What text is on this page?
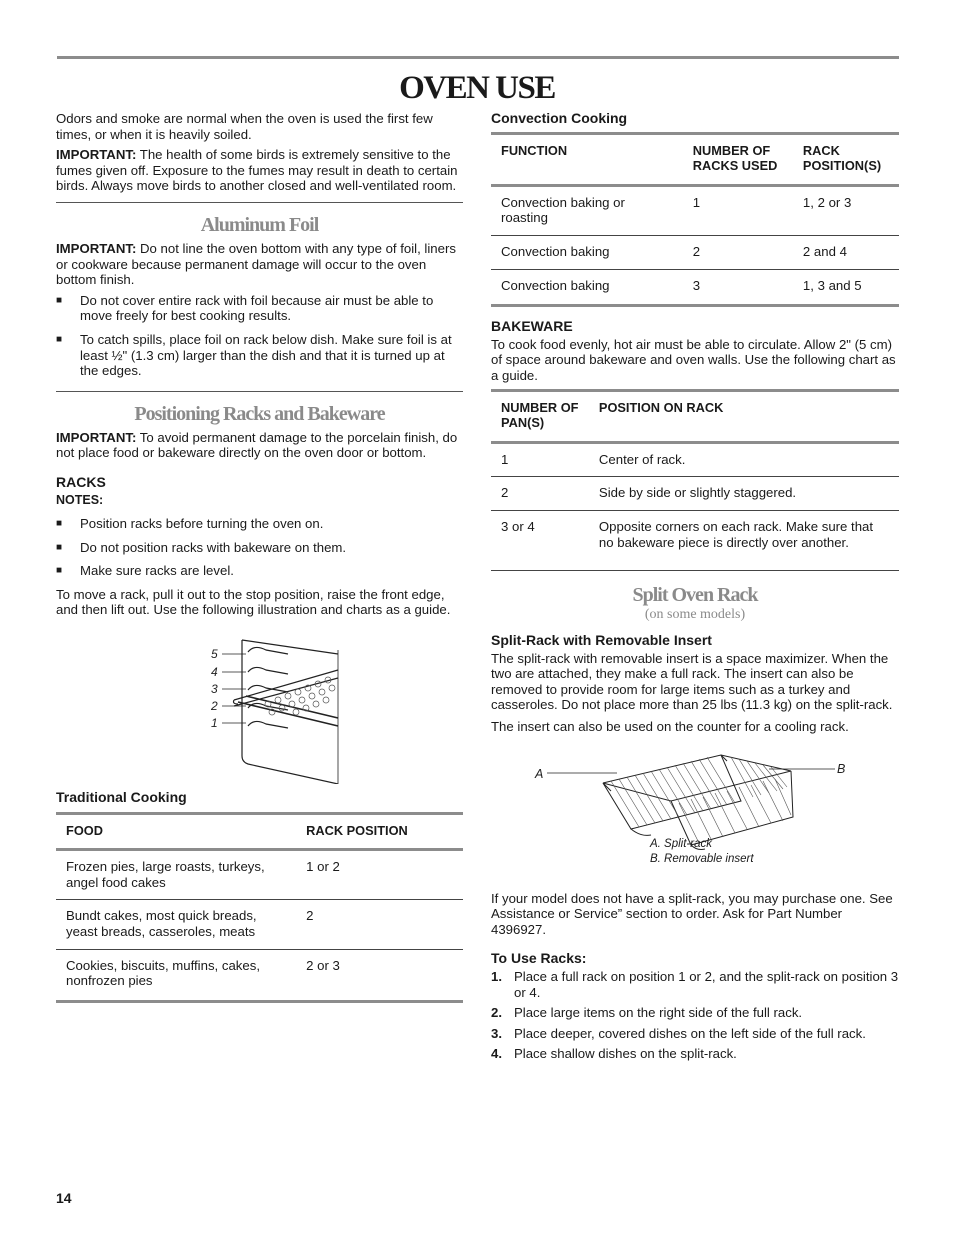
OVEN USE

Odors and smoke are normal when the oven is used the first few times, or when it is heavily soiled.

IMPORTANT: The health of some birds is extremely sensitive to the fumes given off. Exposure to the fumes may result in death to certain birds. Always move birds to another closed and well-ventilated room.

Aluminum Foil

IMPORTANT: Do not line the oven bottom with any type of foil, liners or cookware because permanent damage will occur to the oven bottom finish.

■ Do not cover entire rack with foil because air must be able to move freely for best cooking results.
■ To catch spills, place foil on rack below dish. Make sure foil is at least ½" (1.3 cm) larger than the dish and that it is turned up at the edges.
Positioning Racks and Bakeware

IMPORTANT: To avoid permanent damage to the porcelain finish, do not place food or bakeware directly on the oven door or bottom.

RACKS
NOTES:
■ Position racks before turning the oven on.
■ Do not position racks with bakeware on them.
■ Make sure racks are level.

To move a rack, pull it out to the stop position, raise the front edge, and then lift out. Use the following illustration and charts as a guide.

5
4
3
2
1
Traditional Cooking
FOOD	RACK POSITION
Frozen pies, large roasts, turkeys, angel food cakes	1 or 2
Bundt cakes, most quick breads, yeast breads, casseroles, meats	2
Cookies, biscuits, muffins, cakes, nonfrozen pies	2 or 3
Convection Cooking
FUNCTION	NUMBER OF RACKS USED	RACK POSITION(S)
Convection baking or roasting	1	1, 2 or 3
Convection baking	2	2 and 4
Convection baking	3	1, 3 and 5
BAKEWARE

To cook food evenly, hot air must be able to circulate. Allow 2" (5 cm) of space around bakeware and oven walls. Use the following chart as a guide.

NUMBER OF PAN(S)	POSITION ON RACK
1	Center of rack.
2	Side by side or slightly staggered.
3 or 4	Opposite corners on each rack. Make sure that no bakeware piece is directly over another.
Split Oven Rack
(on some models)
Split-Rack with Removable Insert

The split-rack with removable insert is a space maximizer. When the two are attached, they make a full rack. The insert can also be removed to provide room for large items such as a turkey and casseroles. Do not place more than 25 lbs (11.3 kg) on the split-rack.

The insert can also be used on the counter for a cooling rack.

A	B
A. Split-rack
B. Removable insert

If your model does not have a split-rack, you may purchase one. See Assistance or Service” section to order. Ask for Part Number 4396927.

To Use Racks:
1. Place a full rack on position 1 or 2, and the split-rack on position 3 or 4.
2. Place large items on the right side of the full rack.
3. Place deeper, covered dishes on the left side of the full rack.
4. Place shallow dishes on the split-rack.
14
